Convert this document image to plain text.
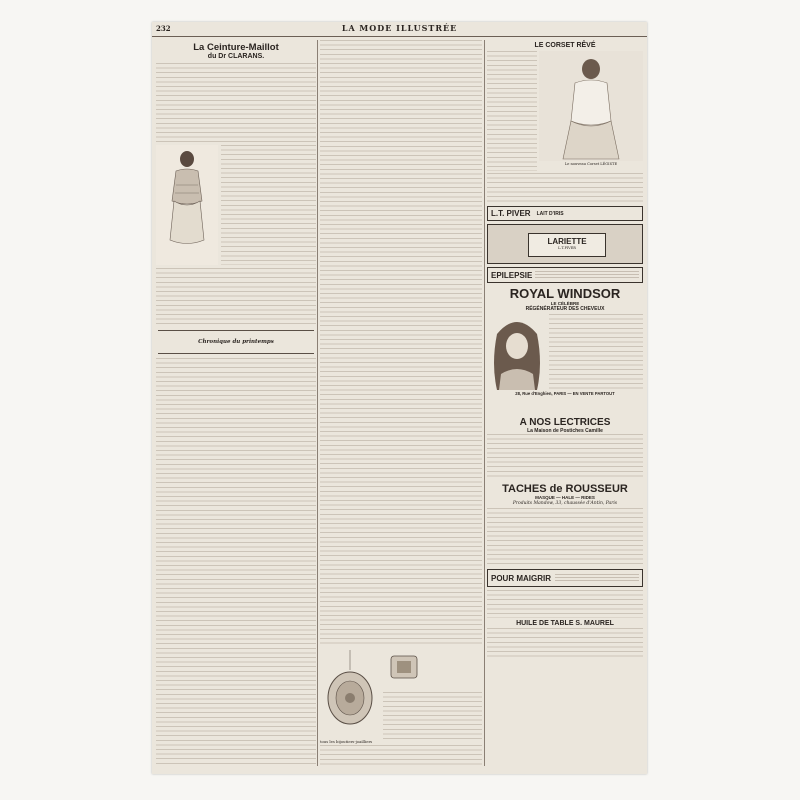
232	LA MODE ILLUSTRÉE
La Ceinture-Maillot
du Dr CLARANS.
Chronique du printemps
tous les bijoutiers-joailliers
LE CORSET RÊVÉ
Le nouveau Corset LÉGISTE
L.T. PIVER LAIT D'IRIS
LARIETTE
L.T.PIVER
EPILEPSIE
ROYAL WINDSOR
LE CÉLÈBRE
RÉGÉNÉRATEUR DES CHEVEUX
28, Rue d'Enghien, PARIS — EN VENTE PARTOUT
A NOS LECTRICES
La Maison de Postiches Camille
TACHES de ROUSSEUR
MASQUE — HALE — RIDES
Produits Mandow, 33, chaussée d'Antin, Paris
POUR MAIGRIR
HUILE DE TABLE S. MAUREL
